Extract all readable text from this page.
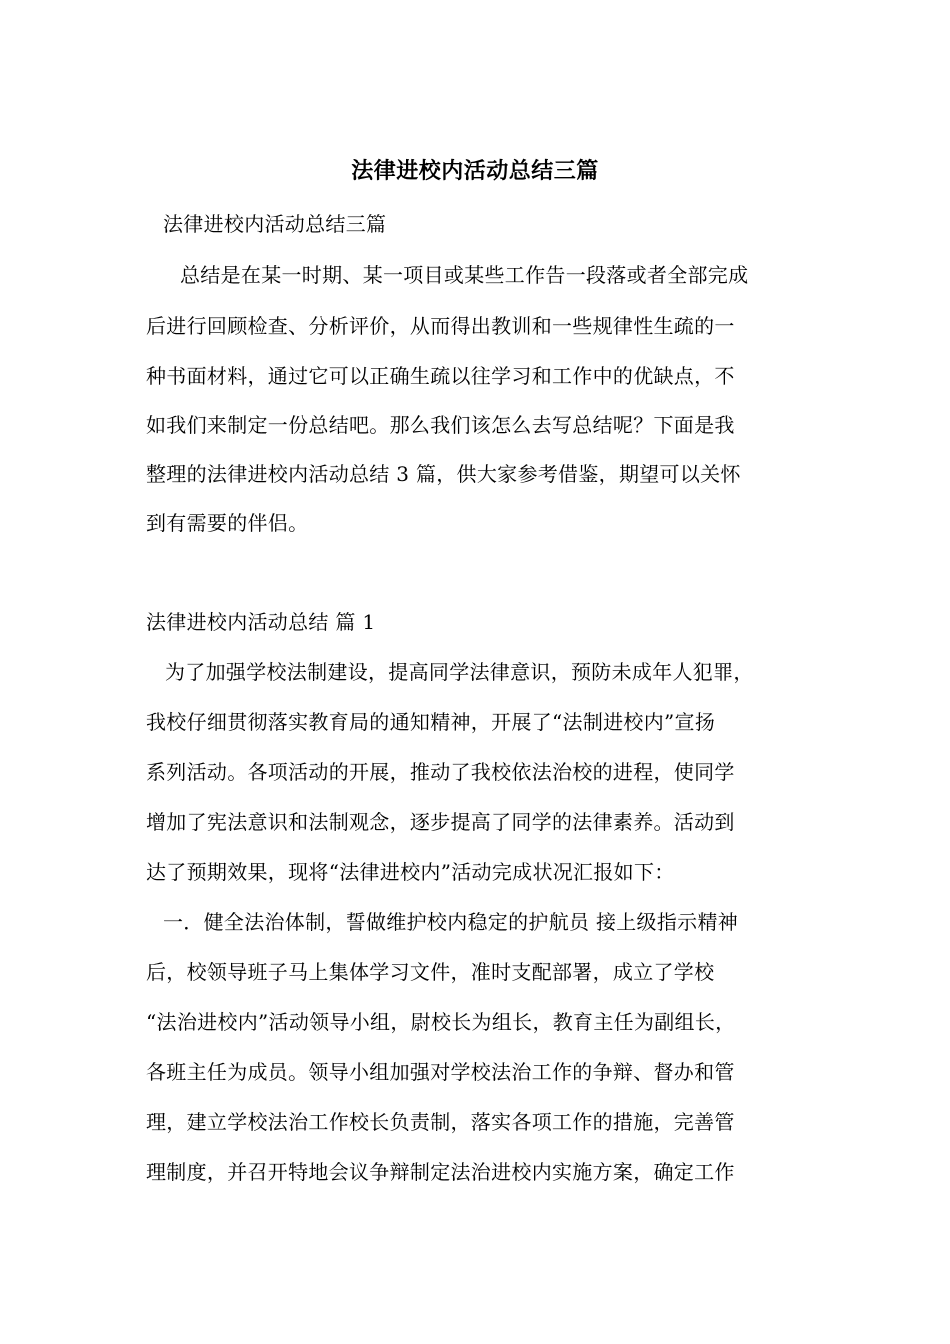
法律进校内活动总结三篇
法律进校内活动总结三篇
总结是在某一时期、某一项目或某些工作告一段落或者全部完成
后进行回顾检查、分析评价，从而得出教训和一些规律性生疏的一
种书面材料，通过它可以正确生疏以往学习和工作中的优缺点，不
如我们来制定一份总结吧。那么我们该怎么去写总结呢？下面是我
整理的法律进校内活动总结 3 篇，供大家参考借鉴，期望可以关怀
到有需要的伴侣。
法律进校内活动总结 篇 1
为了加强学校法制建设，提高同学法律意识，预防未成年人犯罪，
我校仔细贯彻落实教育局的通知精神，开展了“法制进校内”宣扬
系列活动。各项活动的开展，推动了我校依法治校的进程，使同学
增加了宪法意识和法制观念，逐步提高了同学的法律素养。活动到
达了预期效果，现将“法律进校内”活动完成状况汇报如下：
一．健全法治体制，誓做维护校内稳定的护航员 接上级指示精神
后，校领导班子马上集体学习文件，准时支配部署，成立了学校
“法治进校内”活动领导小组，尉校长为组长，教育主任为副组长，
各班主任为成员。领导小组加强对学校法治工作的争辩、督办和管
理，建立学校法治工作校长负责制，落实各项工作的措施，完善管
理制度，并召开特地会议争辩制定法治进校内实施方案，确定工作
